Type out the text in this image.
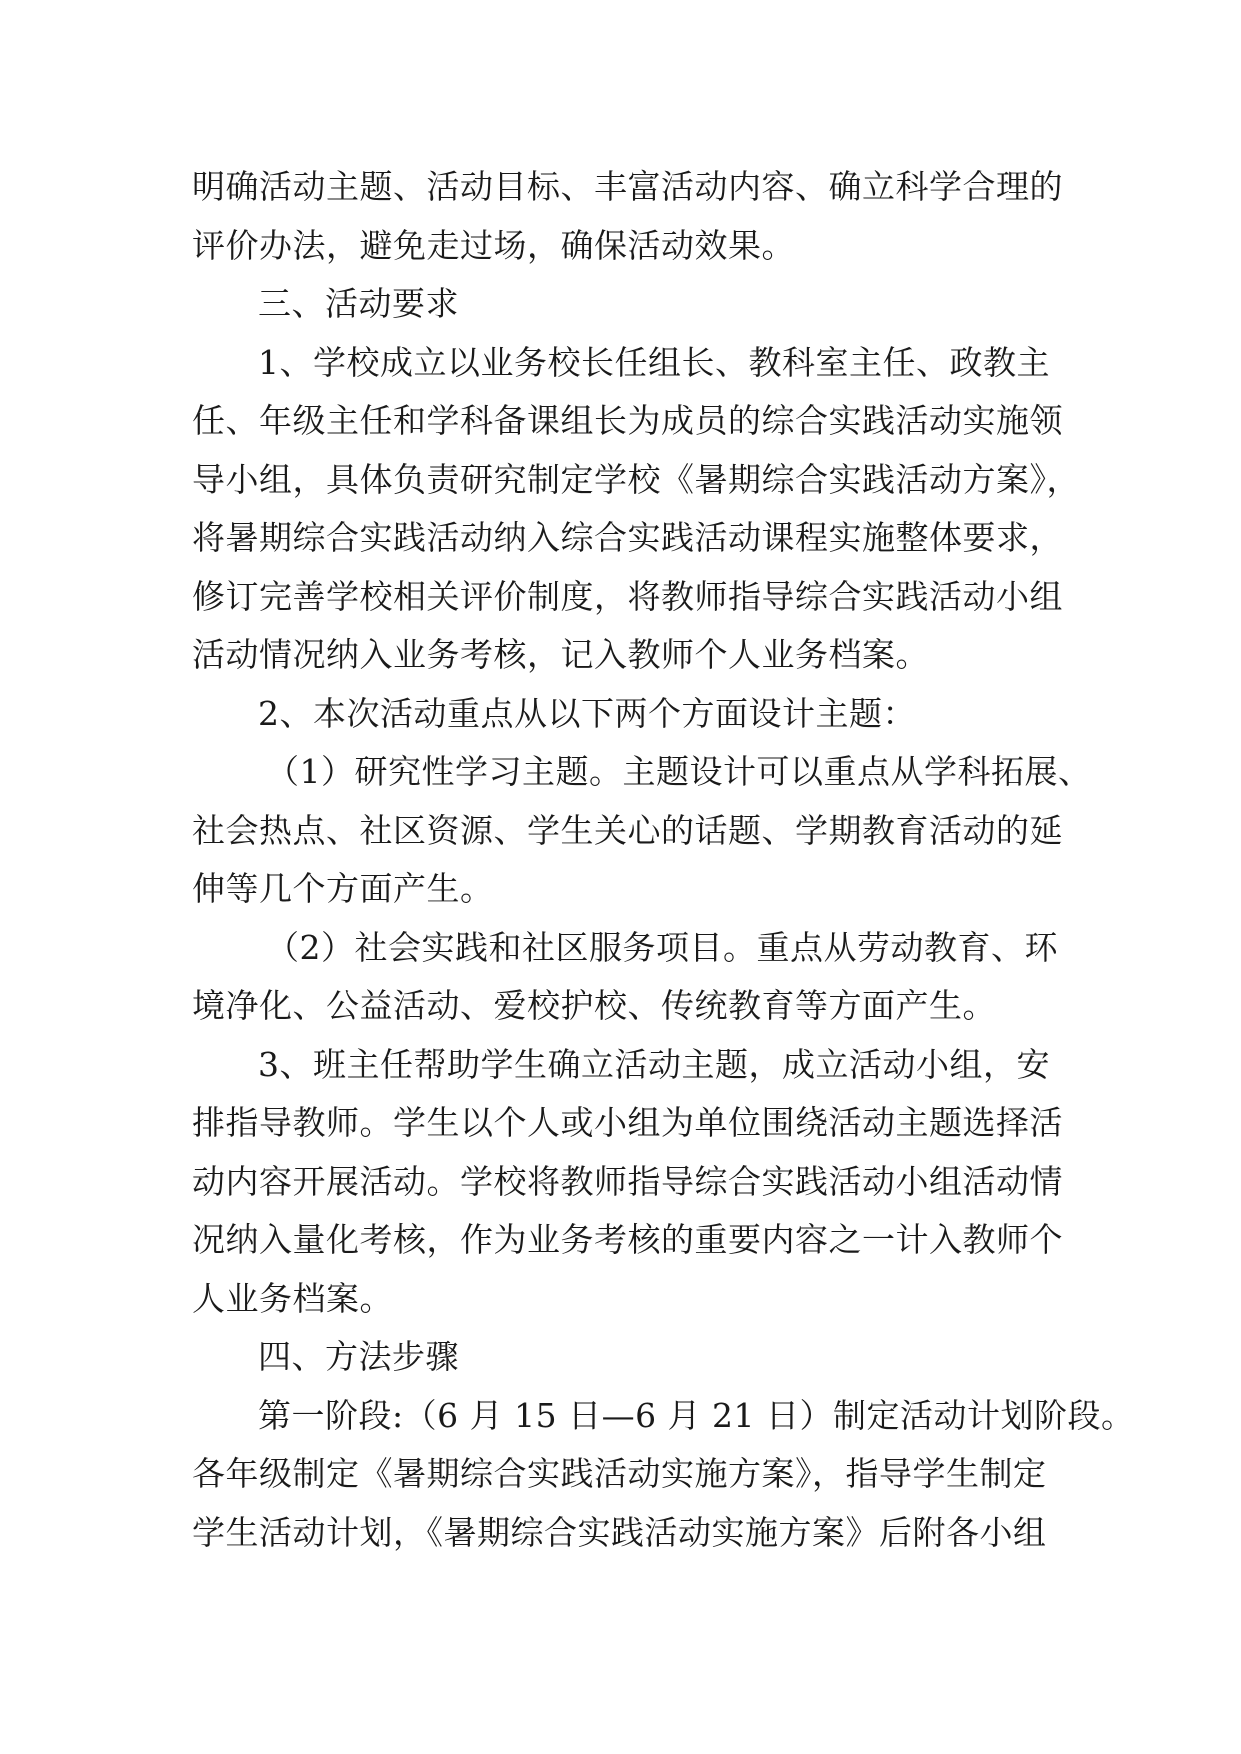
明确活动主题、活动目标、丰富活动内容、确立科学合理的
评价办法，避免走过场，确保活动效果。
三、活动要求
1、学校成立以业务校长任组长、教科室主任、政教主
任、年级主任和学科备课组长为成员的综合实践活动实施领
导小组，具体负责研究制定学校《暑期综合实践活动方案》，
将暑期综合实践活动纳入综合实践活动课程实施整体要求，
修订完善学校相关评价制度，将教师指导综合实践活动小组
活动情况纳入业务考核，记入教师个人业务档案。
2、本次活动重点从以下两个方面设计主题：
（1）研究性学习主题。主题设计可以重点从学科拓展、
社会热点、社区资源、学生关心的话题、学期教育活动的延
伸等几个方面产生。
（2）社会实践和社区服务项目。重点从劳动教育、环
境净化、公益活动、爱校护校、传统教育等方面产生。
3、班主任帮助学生确立活动主题，成立活动小组，安
排指导教师。学生以个人或小组为单位围绕活动主题选择活
动内容开展活动。学校将教师指导综合实践活动小组活动情
况纳入量化考核，作为业务考核的重要内容之一计入教师个
人业务档案。
四、方法步骤
第一阶段:（6 月 15 日—6 月 21 日）制定活动计划阶段。
各年级制定《暑期综合实践活动实施方案》，指导学生制定
学生活动计划，《暑期综合实践活动实施方案》后附各小组
